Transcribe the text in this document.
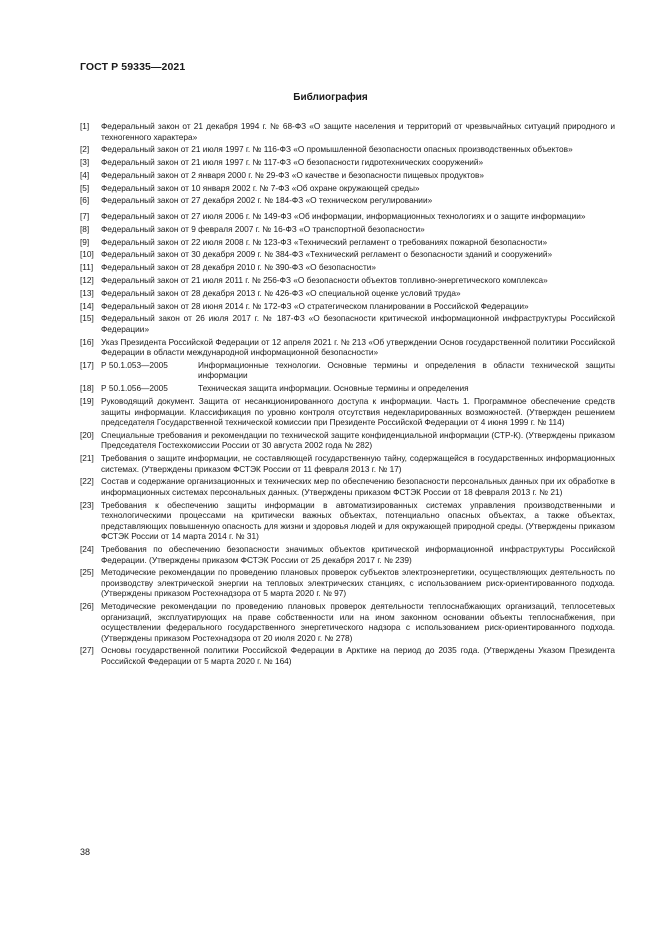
ГОСТ Р 59335—2021
Библиография
[1]	Федеральный закон от 21 декабря 1994 г. № 68-ФЗ «О защите населения и территорий от чрезвычайных ситуаций природного и техногенного характера»
[2]	Федеральный закон от 21 июля 1997 г. № 116-ФЗ «О промышленной безопасности опасных производственных объектов»
[3]	Федеральный закон от 21 июля 1997 г. № 117-ФЗ «О безопасности гидротехнических сооружений»
[4]	Федеральный закон от 2 января 2000 г. № 29-ФЗ «О качестве и безопасности пищевых продуктов»
[5]	Федеральный закон от 10 января 2002 г. № 7-ФЗ «Об охране окружающей среды»
[6]	Федеральный закон от 27 декабря 2002 г. № 184-ФЗ «О техническом регулировании»
[7]	Федеральный закон от 27 июля 2006 г. № 149-ФЗ «Об информации, информационных технологиях и о защите информации»
[8]	Федеральный закон от 9 февраля 2007 г. № 16-ФЗ «О транспортной безопасности»
[9]	Федеральный закон от 22 июля 2008 г. № 123-ФЗ «Технический регламент о требованиях пожарной безопасности»
[10] Федеральный закон от 30 декабря 2009 г. № 384-ФЗ «Технический регламент о безопасности зданий и сооружений»
[11] Федеральный закон от 28 декабря 2010 г. № 390-ФЗ «О безопасности»
[12] Федеральный закон от 21 июля 2011 г. № 256-ФЗ «О безопасности объектов топливно-энергетического комплекса»
[13] Федеральный закон от 28 декабря 2013 г. № 426-ФЗ «О специальной оценке условий труда»
[14] Федеральный закон от 28 июня 2014 г. № 172-ФЗ «О стратегическом планировании в Российской Федерации»
[15] Федеральный закон от 26 июля 2017 г. № 187-ФЗ «О безопасности критической информационной инфраструктуры Российской Федерации»
[16] Указ Президента Российской Федерации от 12 апреля 2021 г. № 213 «Об утверждении Основ государственной политики Российской Федерации в области международной информационной безопасности»
[17] Р 50.1.053—2005	Информационные технологии. Основные термины и определения в области технической защиты информации
[18] Р 50.1.056—2005	Техническая защита информации. Основные термины и определения
[19] Руководящий документ. Защита от несанкционированного доступа к информации. Часть 1. Программное обеспечение средств защиты информации. Классификация по уровню контроля отсутствия недекларированных возможностей. (Утвержден решением председателя Государственной технической комиссии при Президенте Российской Федерации от 4 июня 1999 г. № 114)
[20] Специальные требования и рекомендации по технической защите конфиденциальной информации (СТР-К). (Утверждены приказом Председателя Гостехкомиссии России от 30 августа 2002 года № 282)
[21] Требования о защите информации, не составляющей государственную тайну, содержащейся в государственных информационных системах. (Утверждены приказом ФСТЭК России от 11 февраля 2013 г. № 17)
[22] Состав и содержание организационных и технических мер по обеспечению безопасности персональных данных при их обработке в информационных системах персональных данных. (Утверждены приказом ФСТЭК России от 18 февраля 2013 г. № 21)
[23] Требования к обеспечению защиты информации в автоматизированных системах управления производственными и технологическими процессами на критически важных объектах, потенциально опасных объектах, а также объектах, представляющих повышенную опасность для жизни и здоровья людей и для окружающей природной среды. (Утверждены приказом ФСТЭК России от 14 марта 2014 г. № 31)
[24] Требования по обеспечению безопасности значимых объектов критической информационной инфраструктуры Российской Федерации. (Утверждены приказом ФСТЭК России от 25 декабря 2017 г. № 239)
[25] Методические рекомендации по проведению плановых проверок субъектов электроэнергетики, осуществляющих деятельность по производству электрической энергии на тепловых электрических станциях, с использованием риск-ориентированного подхода. (Утверждены приказом Ростехнадзора от 5 марта 2020 г. № 97)
[26] Методические рекомендации по проведению плановых проверок деятельности теплоснабжающих организаций, теплосетевых организаций, эксплуатирующих на праве собственности или на ином законном основании объекты теплоснабжения, при осуществлении федерального государственного энергетического надзора с использованием риск-ориентированного подхода. (Утверждены приказом Ростехнадзора от 20 июля 2020 г. № 278)
[27] Основы государственной политики Российской Федерации в Арктике на период до 2035 года. (Утверждены Указом Президента Российской Федерации от 5 марта 2020 г. № 164)
38
